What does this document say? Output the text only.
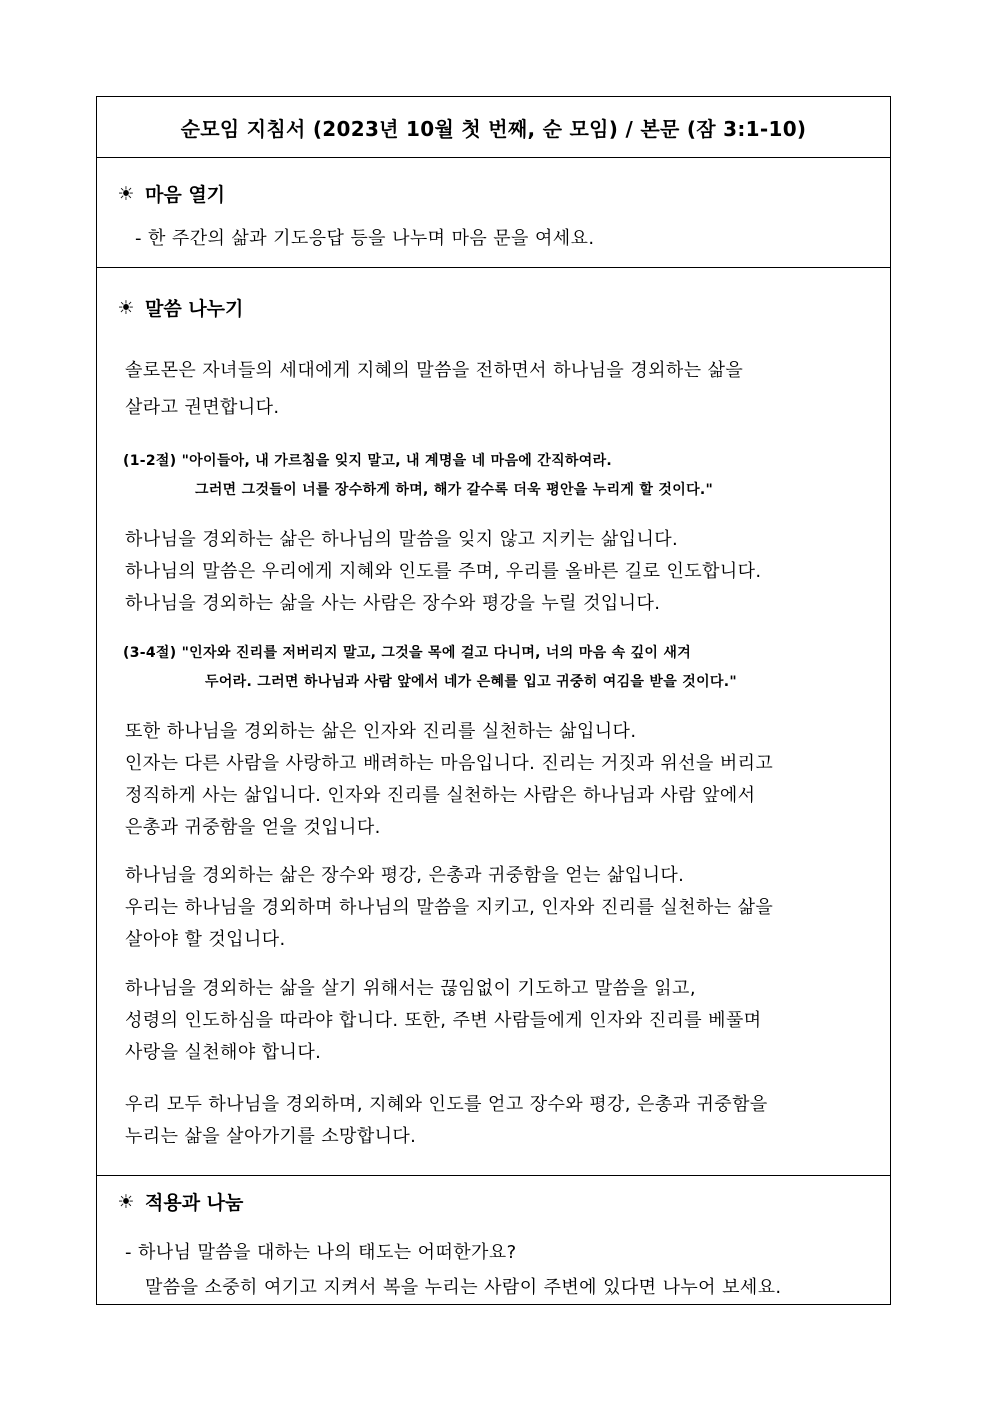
순모임 지침서 (2023년 10월 첫 번째, 순 모임) / 본문 (잠 3:1-10)
☀ 마음 열기
- 한 주간의 삶과 기도응답 등을 나누며 마음 문을 여세요.
☀ 말씀 나누기
솔로몬은 자녀들의 세대에게 지혜의 말씀을 전하면서 하나님을 경외하는 삶을
살라고 권면합니다.
(1-2절) "아이들아, 내 가르침을 잊지 말고, 내 계명을 네 마음에 간직하여라.
그러면 그것들이 너를 장수하게 하며, 해가 갈수록 더욱 평안을 누리게 할 것이다."
하나님을 경외하는 삶은 하나님의 말씀을 잊지 않고 지키는 삶입니다.
하나님의 말씀은 우리에게 지혜와 인도를 주며, 우리를 올바른 길로 인도합니다.
하나님을 경외하는 삶을 사는 사람은 장수와 평강을 누릴 것입니다.
(3-4절) "인자와 진리를 저버리지 말고, 그것을 목에 걸고 다니며, 너의 마음 속 깊이 새겨
두어라. 그러면 하나님과 사람 앞에서 네가 은혜를 입고 귀중히 여김을 받을 것이다."
또한 하나님을 경외하는 삶은 인자와 진리를 실천하는 삶입니다.
인자는 다른 사람을 사랑하고 배려하는 마음입니다. 진리는 거짓과 위선을 버리고
정직하게 사는 삶입니다. 인자와 진리를 실천하는 사람은 하나님과 사람 앞에서
은총과 귀중함을 얻을 것입니다.
하나님을 경외하는 삶은 장수와 평강, 은총과 귀중함을 얻는 삶입니다.
우리는 하나님을 경외하며 하나님의 말씀을 지키고, 인자와 진리를 실천하는 삶을
살아야 할 것입니다.
하나님을 경외하는 삶을 살기 위해서는 끊임없이 기도하고 말씀을 읽고,
성령의 인도하심을 따라야 합니다. 또한, 주변 사람들에게 인자와 진리를 베풀며
사랑을 실천해야 합니다.
우리 모두 하나님을 경외하며, 지혜와 인도를 얻고 장수와 평강, 은총과 귀중함을
누리는 삶을 살아가기를 소망합니다.
☀ 적용과 나눔
- 하나님 말씀을 대하는 나의 태도는 어떠한가요?
말씀을 소중히 여기고 지켜서 복을 누리는 사람이 주변에 있다면 나누어 보세요.
